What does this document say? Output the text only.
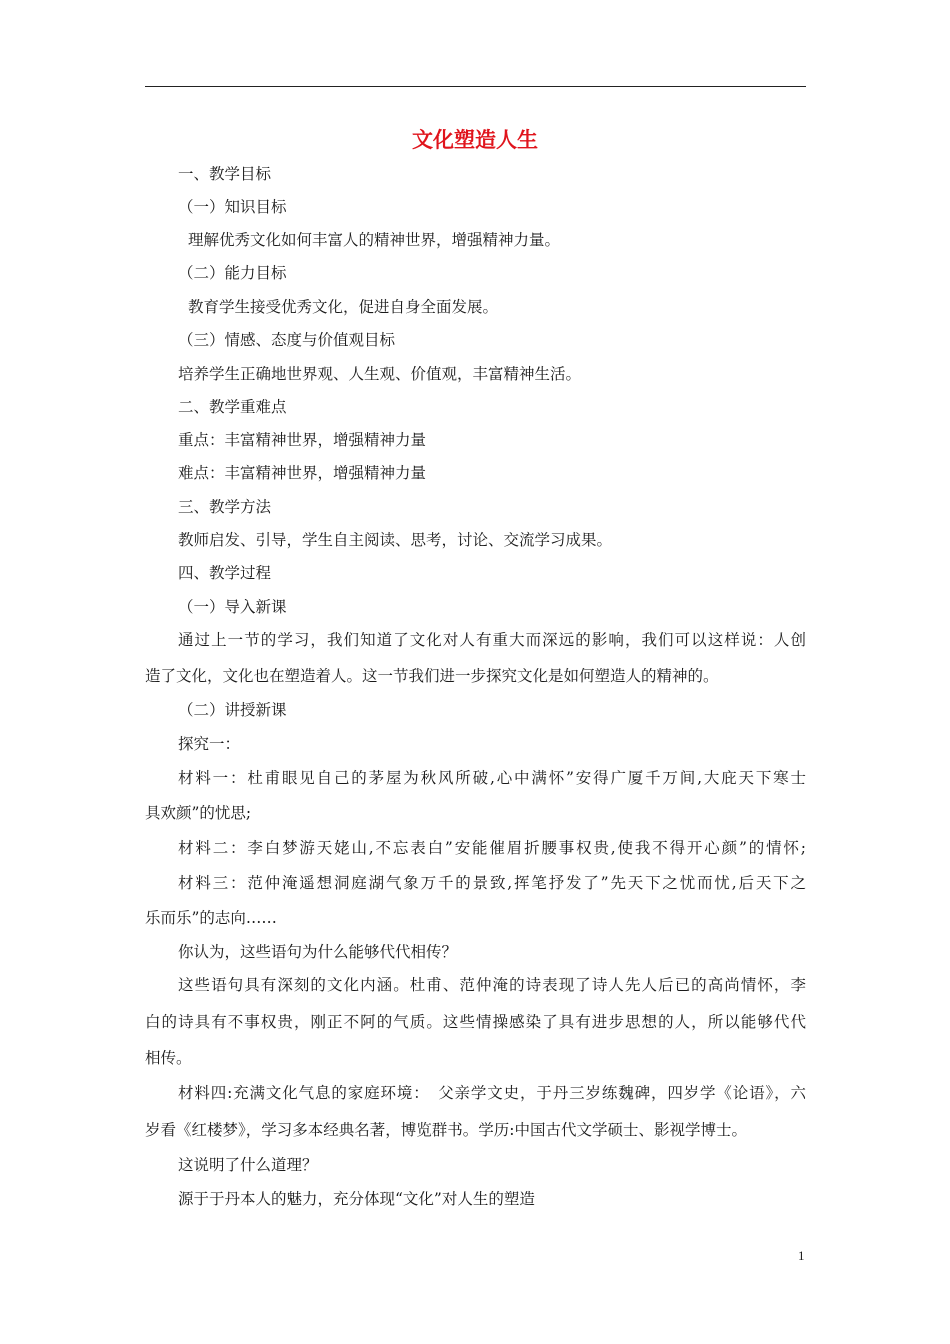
文化塑造人生
一、教学目标
（一）知识目标
理解优秀文化如何丰富人的精神世界，增强精神力量。
（二）能力目标
教育学生接受优秀文化，促进自身全面发展。
（三）情感、态度与价值观目标
培养学生正确地世界观、人生观、价值观，丰富精神生活。
二、教学重难点
重点：丰富精神世界，增强精神力量
难点：丰富精神世界，增强精神力量
三、教学方法
教师启发、引导，学生自主阅读、思考，讨论、交流学习成果。
四、教学过程
（一）导入新课
通过上一节的学习，我们知道了文化对人有重大而深远的影响，我们可以这样说：人创
造了文化，文化也在塑造着人。这一节我们进一步探究文化是如何塑造人的精神的。
（二）讲授新课
探究一：
材料一：杜甫眼见自己的茅屋为秋风所破,心中满怀”安得广厦千万间,大庇天下寒士
具欢颜”的忧思;
材料二：李白梦游天姥山,不忘表白”安能催眉折腰事权贵,使我不得开心颜”的情怀;
材料三：范仲淹遥想洞庭湖气象万千的景致,挥笔抒发了”先天下之忧而忧,后天下之
乐而乐”的志向……
你认为，这些语句为什么能够代代相传？
这些语句具有深刻的文化内涵。杜甫、范仲淹的诗表现了诗人先人后已的高尚情怀，李
白的诗具有不事权贵，刚正不阿的气质。这些情操感染了具有进步思想的人，所以能够代代
相传。
材料四:充满文化气息的家庭环境：　父亲学文史，于丹三岁练魏碑，四岁学《论语》，六
岁看《红楼梦》，学习多本经典名著，博览群书。学历:中国古代文学硕士、影视学博士。
这说明了什么道理？
源于于丹本人的魅力，充分体现“文化”对人生的塑造
1
